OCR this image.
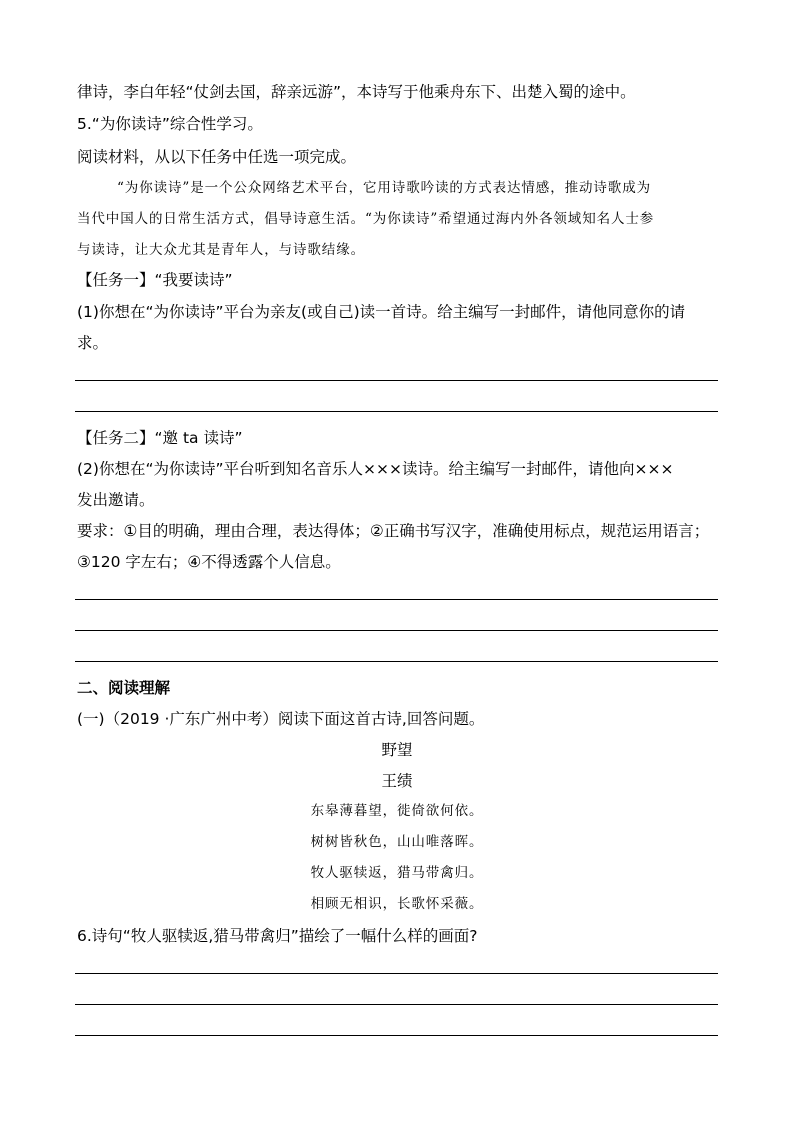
律诗，李白年轻“仗剑去国，辞亲远游”，本诗写于他乘舟东下、出楚入蜀的途中。
5.“为你读诗”综合性学习。
阅读材料，从以下任务中任选一项完成。
“为你读诗”是一个公众网络艺术平台，它用诗歌吟读的方式表达情感，推动诗歌成为
当代中国人的日常生活方式，倡导诗意生活。“为你读诗”希望通过海内外各领域知名人士参
与读诗，让大众尤其是青年人，与诗歌结缘。
【任务一】“我要读诗”
(1)你想在“为你读诗”平台为亲友(或自己)读一首诗。给主编写一封邮件，请他同意你的请
求。
【任务二】“邀 ta 读诗”
(2)你想在“为你读诗”平台听到知名音乐人×××读诗。给主编写一封邮件，请他向×××
发出邀请。
要求：①目的明确，理由合理，表达得体；②正确书写汉字，准确使用标点，规范运用语言；
③120 字左右；④不得透露个人信息。
二、阅读理解
(一)（2019 ·广东广州中考）阅读下面这首古诗,回答问题。
野望
王绩
东皋薄暮望，徙倚欲何依。
树树皆秋色，山山唯落晖。
牧人驱犊返，猎马带禽归。
相顾无相识，长歌怀采薇。
6.诗句“牧人驱犊返,猎马带禽归”描绘了一幅什么样的画面?
